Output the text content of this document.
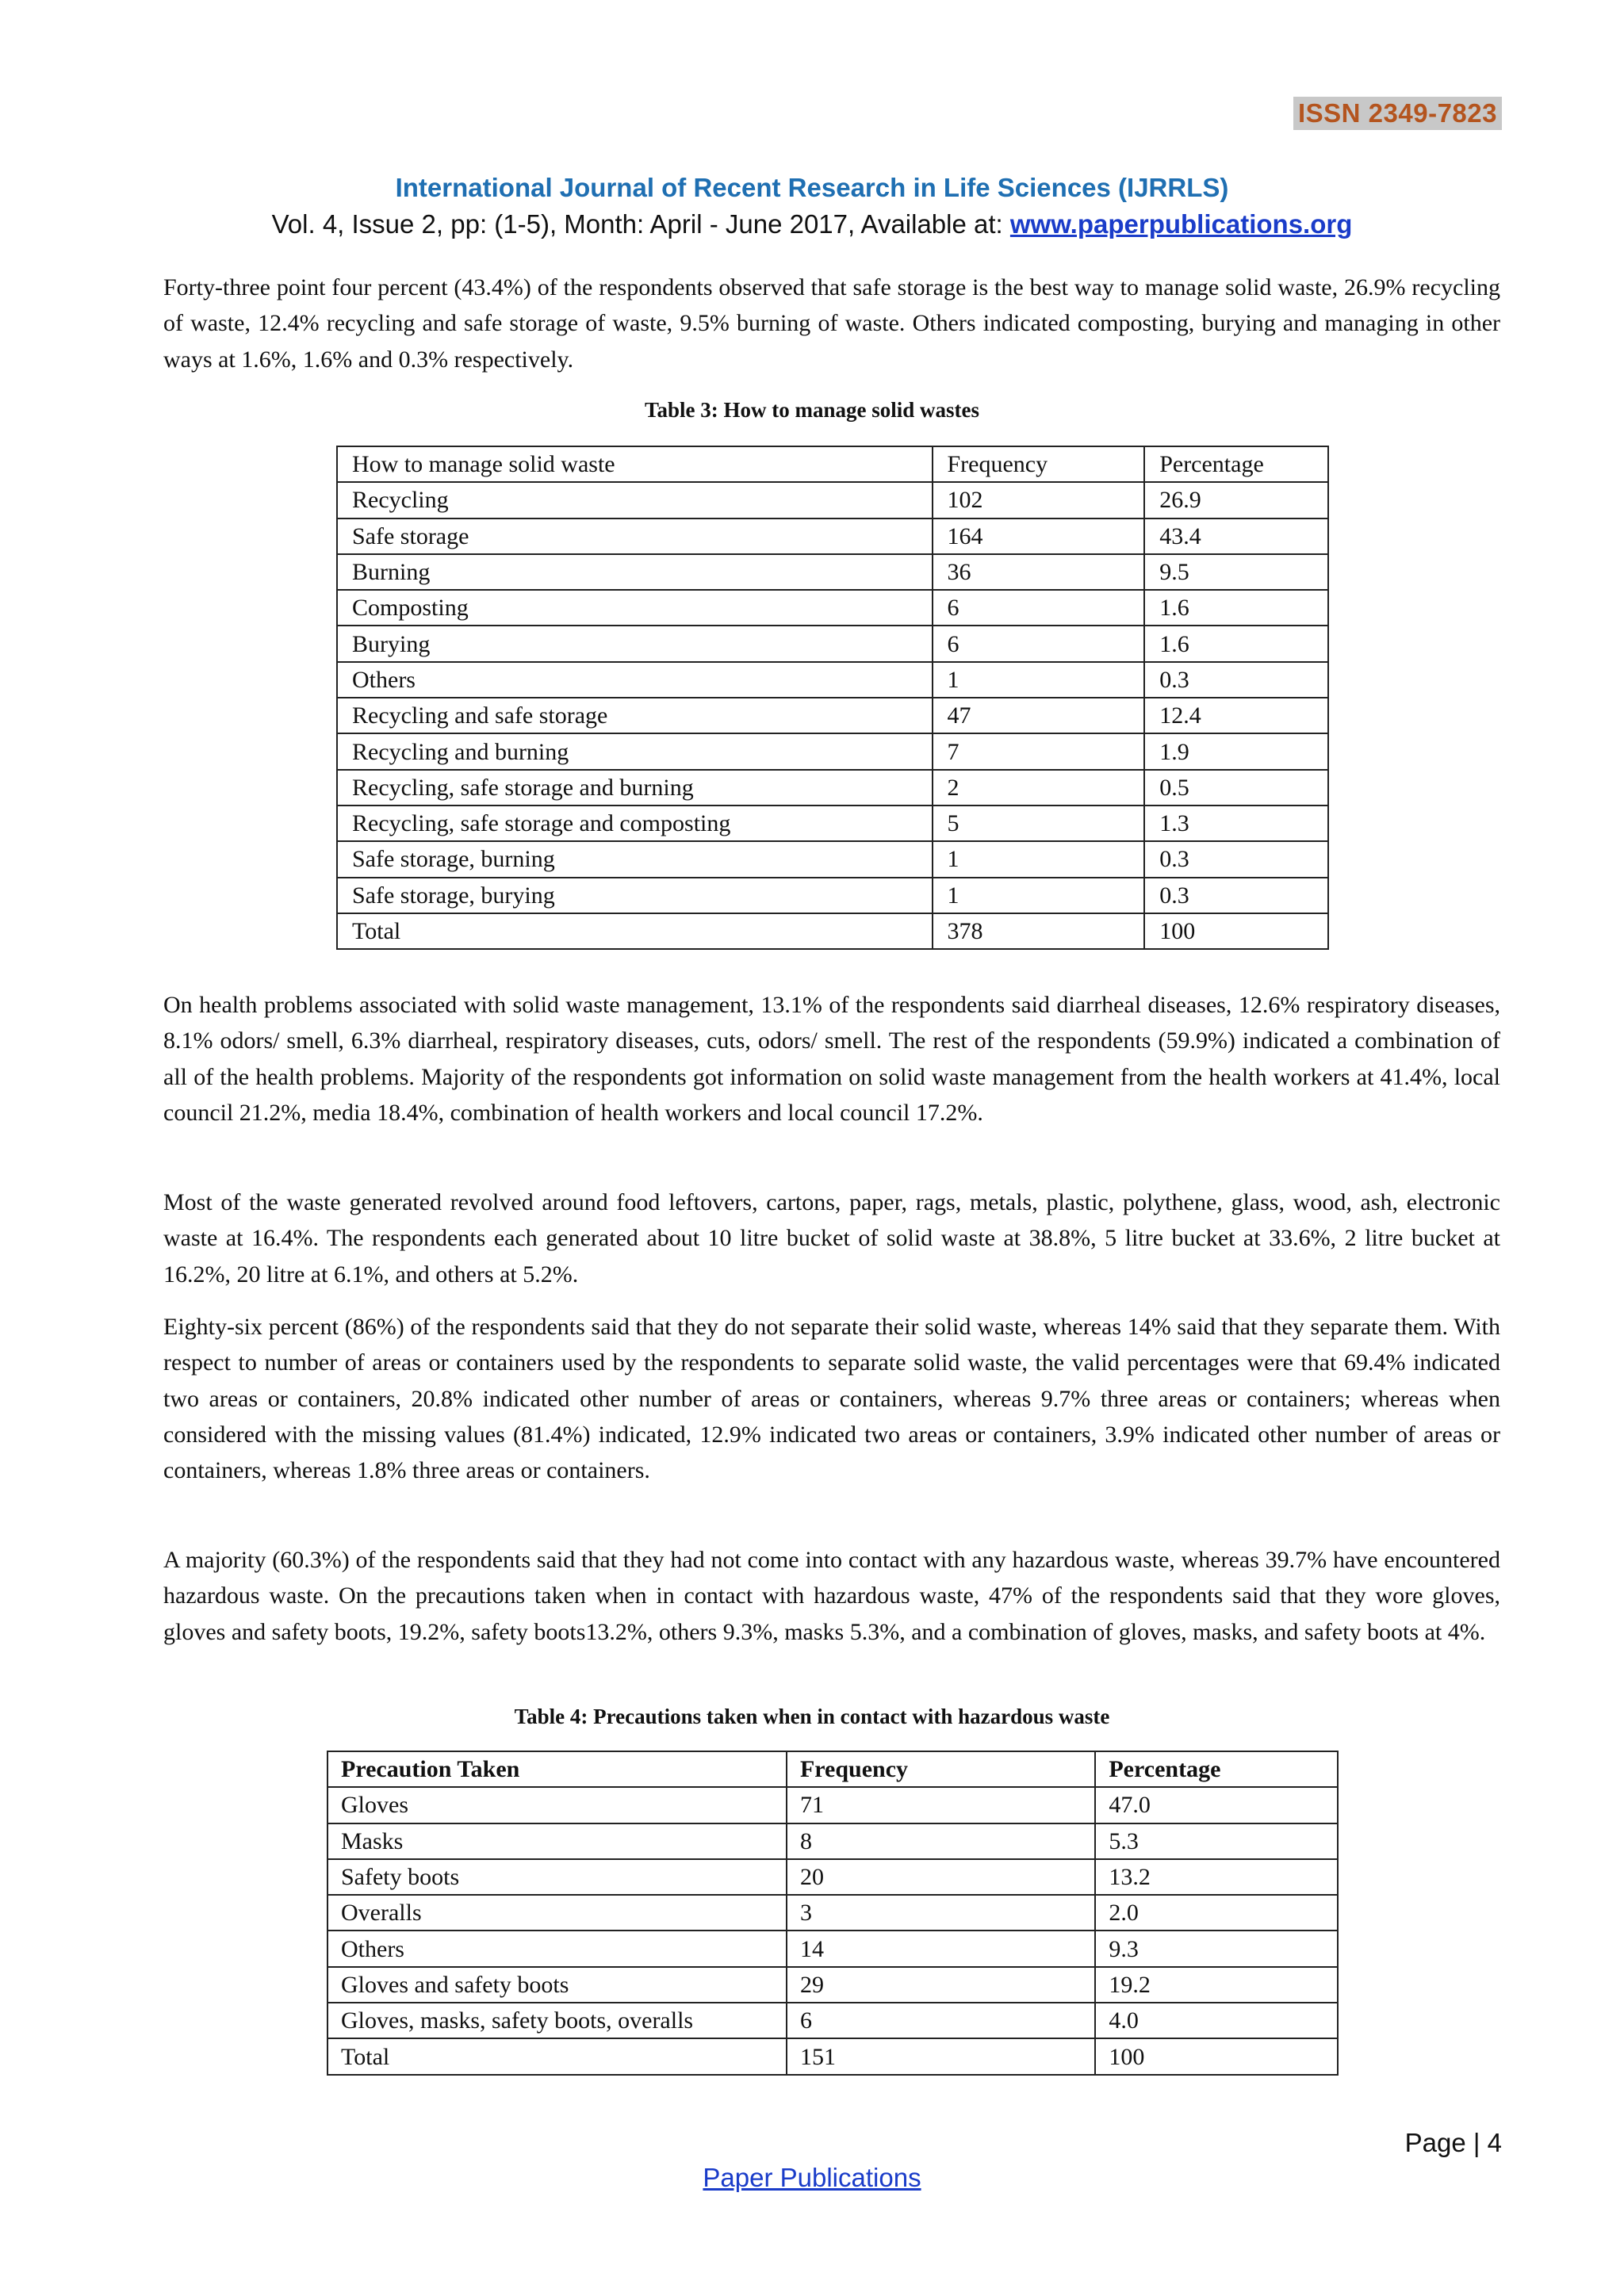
ISSN 2349-7823
International Journal of Recent Research in Life Sciences (IJRRLS)
Vol. 4, Issue 2, pp: (1-5), Month: April - June 2017, Available at: www.paperpublications.org

Forty-three point four percent (43.4%) of the respondents observed that safe storage is the best way to manage solid waste, 26.9% recycling of waste, 12.4% recycling and safe storage of waste, 9.5% burning of waste. Others indicated composting, burying and managing in other ways at 1.6%, 1.6% and 0.3% respectively.

Table 3: How to manage solid wastes
How to manage solid waste	Frequency	Percentage
Recycling	102	26.9
Safe storage	164	43.4
Burning	36	9.5
Composting	6	1.6
Burying	6	1.6
Others	1	0.3
Recycling and safe storage	47	12.4
Recycling and burning	7	1.9
Recycling, safe storage and burning	2	0.5
Recycling, safe storage and composting	5	1.3
Safe storage, burning	1	0.3
Safe storage, burying	1	0.3
Total	378	100

On health problems associated with solid waste management, 13.1% of the respondents said diarrheal diseases, 12.6% respiratory diseases, 8.1% odors/ smell, 6.3% diarrheal, respiratory diseases, cuts, odors/ smell. The rest of the respondents (59.9%) indicated a combination of all of the health problems. Majority of the respondents got information on solid waste management from the health workers at 41.4%, local council 21.2%, media 18.4%, combination of health workers and local council 17.2%.

Most of the waste generated revolved around food leftovers, cartons, paper, rags, metals, plastic, polythene, glass, wood, ash, electronic waste at 16.4%. The respondents each generated about 10 litre bucket of solid waste at 38.8%, 5 litre bucket at 33.6%, 2 litre bucket at 16.2%, 20 litre at 6.1%, and others at 5.2%.

Eighty-six percent (86%) of the respondents said that they do not separate their solid waste, whereas 14% said that they separate them. With respect to number of areas or containers used by the respondents to separate solid waste, the valid percentages were that 69.4% indicated two areas or containers, 20.8% indicated other number of areas or containers, whereas 9.7% three areas or containers; whereas when considered with the missing values (81.4%) indicated, 12.9% indicated two areas or containers, 3.9% indicated other number of areas or containers, whereas 1.8% three areas or containers.

A majority (60.3%) of the respondents said that they had not come into contact with any hazardous waste, whereas 39.7% have encountered hazardous waste. On the precautions taken when in contact with hazardous waste, 47% of the respondents said that they wore gloves, gloves and safety boots, 19.2%, safety boots13.2%, others 9.3%, masks 5.3%, and a combination of gloves, masks, and safety boots at 4%.

Table 4: Precautions taken when in contact with hazardous waste
Precaution Taken	Frequency	Percentage
Gloves	71	47.0
Masks	8	5.3
Safety boots	20	13.2
Overalls	3	2.0
Others	14	9.3
Gloves and safety boots	29	19.2
Gloves, masks, safety boots, overalls	6	4.0
Total	151	100
Page | 4
Paper Publications
